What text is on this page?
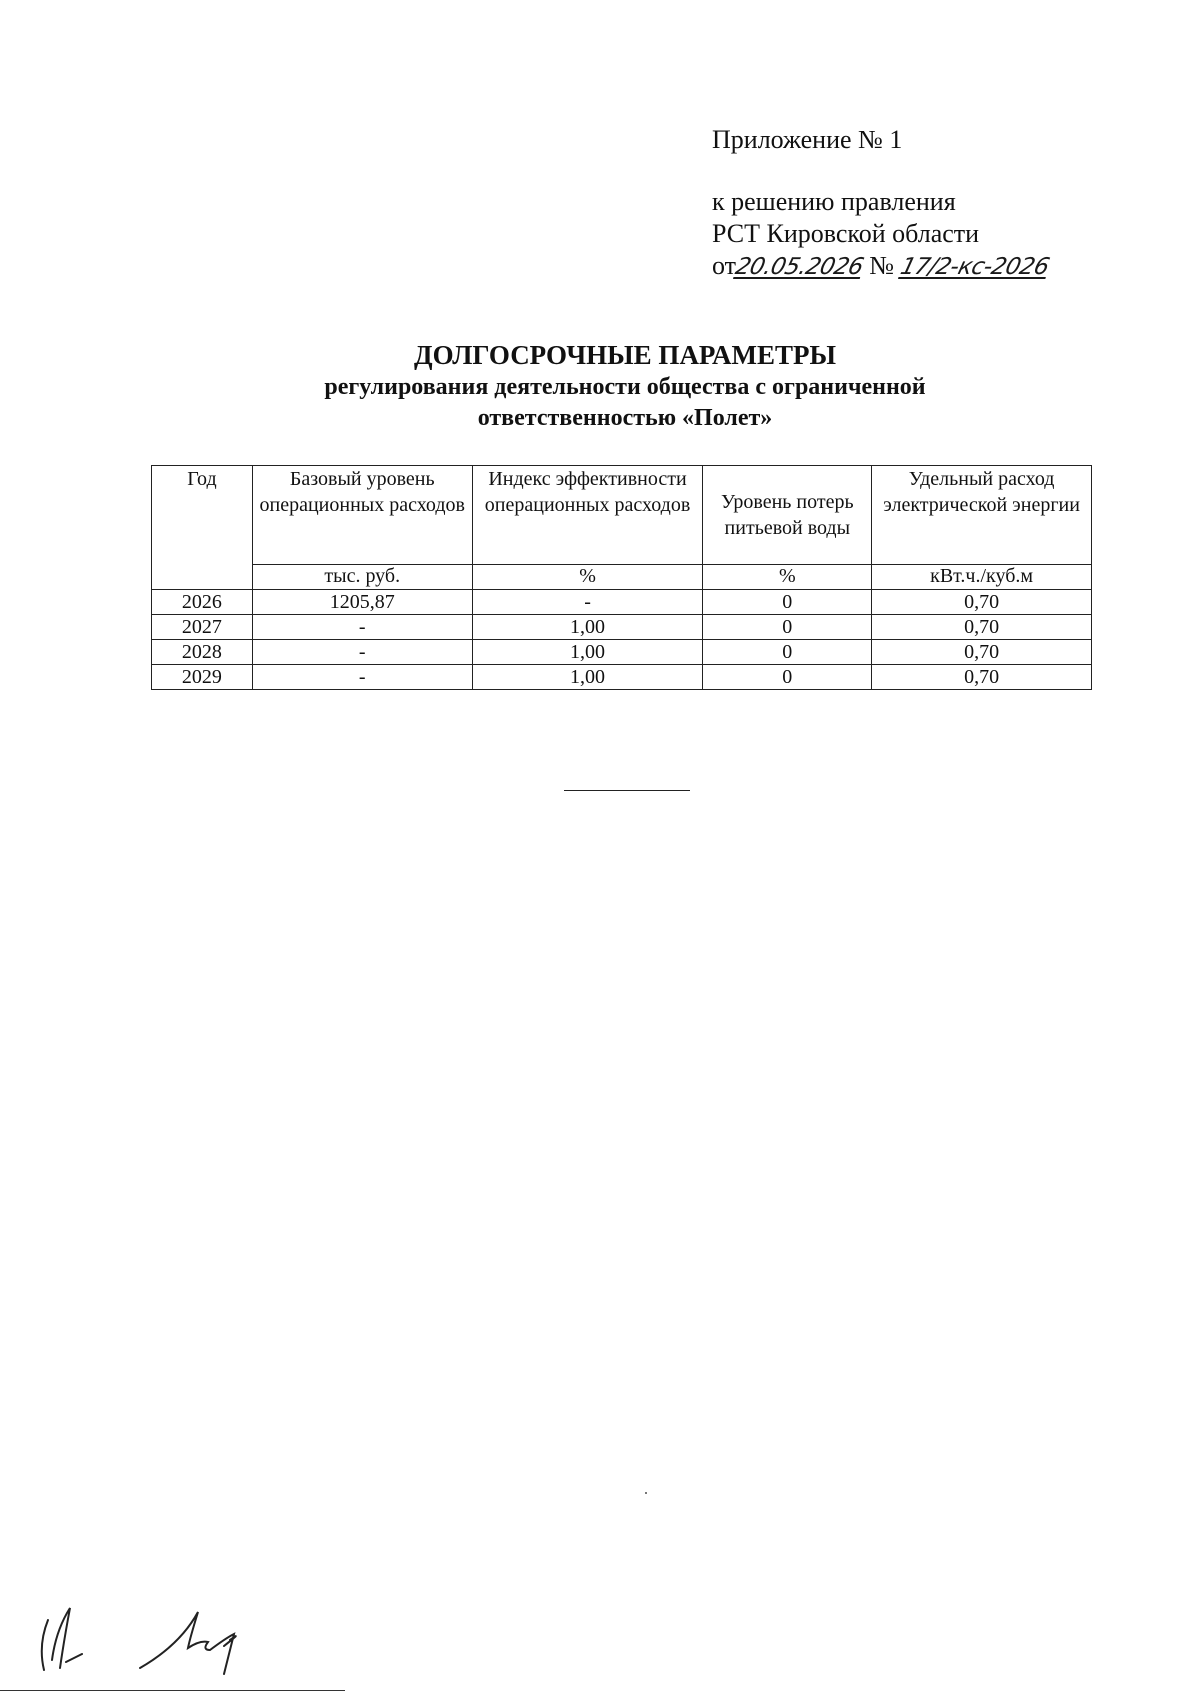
Приложение № 1
к решению правления
РСТ Кировской области
от20.05.2026 № 17/2-кс-2026
ДОЛГОСРОЧНЫЕ ПАРАМЕТРЫ
регулирования деятельности общества с ограниченной
ответственностью «Полет»
Год	Базовый уровень операционных расходов	Индекс эффективности операционных расходов	Уровень потерь питьевой воды	Удельный расход электрической энергии
	тыс. руб.	%	%	кВт.ч./куб.м
2026	1205,87	-	0	0,70
2027	-	1,00	0	0,70
2028	-	1,00	0	0,70
2029	-	1,00	0	0,70
